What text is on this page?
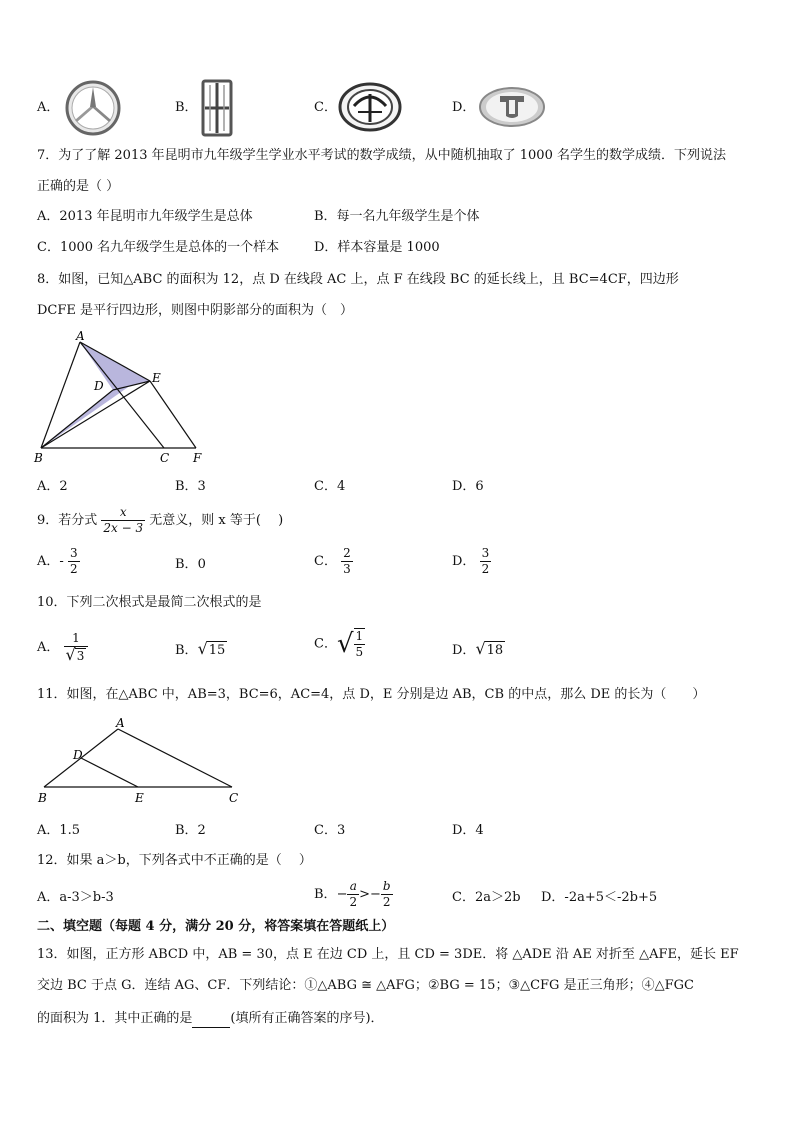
A．	B．	C．	D．
7．为了了解 2013 年昆明市九年级学生学业水平考试的数学成绩，从中随机抽取了 1000 名学生的数学成绩．下列说法
正确的是（ ）
A．2013 年昆明市九年级学生是总体	B．每一名九年级学生是个体
C．1000 名九年级学生是总体的一个样本	D．样本容量是 1000
8．如图，已知△ABC 的面积为 12，点 D 在线段 AC 上，点 F 在线段 BC 的延长线上，且 BC=4CF，四边形
DCFE 是平行四边形，则图中阴影部分的面积为（　）
A
D
E
B	C F
A．2	B．3	C．4	D．6
9．若分式 $\frac{x}{2x - 3}$ 无意义，则 x 等于(　 )
A．- $\frac{3}{2}$	B．0	C． $\frac{2}{3}$	D． $\frac{3}{2}$
10．下列二次根式是最简二次根式的是
A． $\frac{1}{√3}$	B．√15	C．√ $\frac{1}{5}$	D．√18
11．如图，在△ABC 中，AB=3，BC=6，AC=4，点 D，E 分别是边 AB，CB 的中点，那么 DE 的长为（　　）
A
D
B	E	C
A．1.5	B．2	C．3	D．4
12．如果 a＞b，下列各式中不正确的是（　 ）
A．a-3＞b-3	B．− $\frac{a}{2} >- \frac{b}{2}$	C．2a＞2b D．-2a+5＜-2b+5
二、填空题（每题 4 分，满分 20 分，将答案填在答题纸上）
13．如图，正方形 ABCD 中，AB = 30，点 E 在边 CD 上，且 CD = 3DE．将 △ADE 沿 AE 对折至 △AFE，延长 EF
交边 BC 于点 G．连结 AG、CF．下列结论：①△ABG ≅ △AFG；②BG = 15；③△CFG 是正三角形；④△FGC
的面积为 1．其中正确的是	(填所有正确答案的序号)．
